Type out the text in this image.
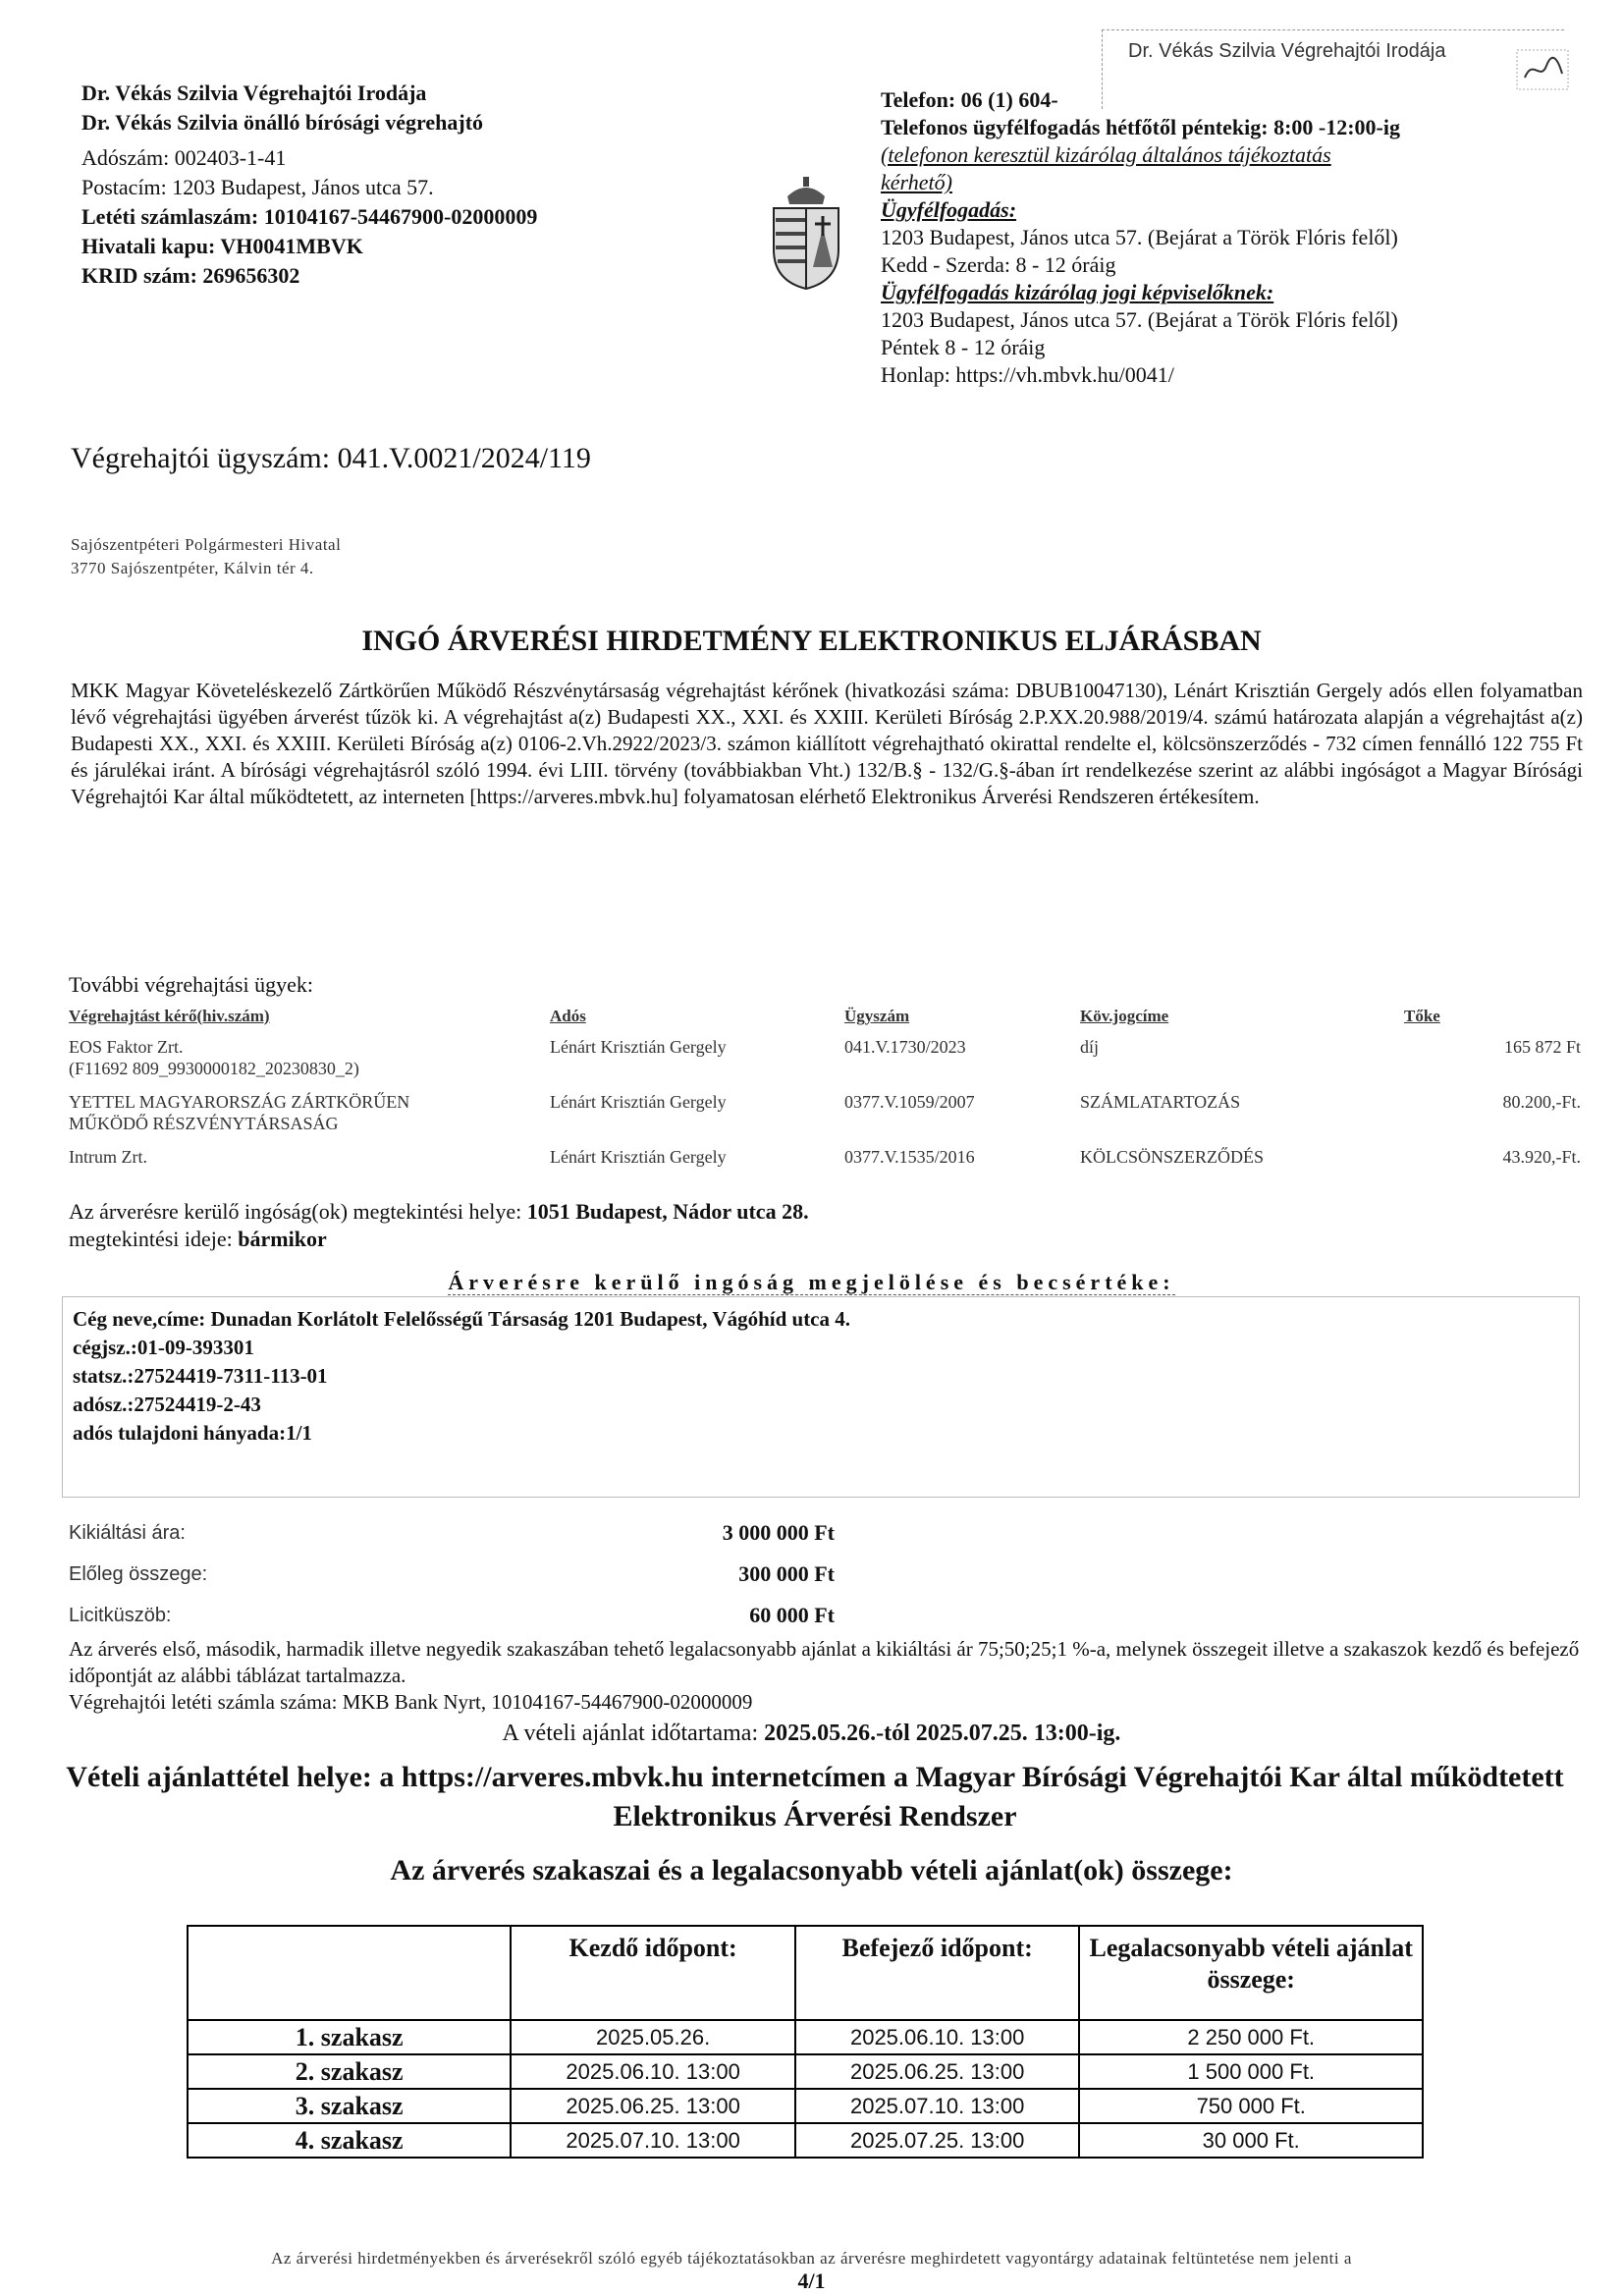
Dr. Vékás Szilvia Végrehajtói Irodája
Dr. Vékás Szilvia Végrehajtói Irodája
Dr. Vékás Szilvia önálló bírósági végrehajtó
Adószám: 002403-1-41
Postacím: 1203 Budapest, János utca 57.
Letéti számlaszám: 10104167-54467900-02000009
Hivatali kapu: VH0041MBVK
KRID szám: 269656302
Telefon: 06 (1) 604-
Telefonos ügyfélfogadás hétfőtől péntekig: 8:00 -12:00-ig
(telefonon keresztül kizárólag általános tájékoztatás
kérhető)
Ügyfélfogadás:
1203 Budapest, János utca 57. (Bejárat a Török Flóris felől)
Kedd - Szerda: 8 - 12 óráig
Ügyfélfogadás kizárólag jogi képviselőknek:
1203 Budapest, János utca 57. (Bejárat a Török Flóris felől)
Péntek 8 - 12 óráig
Honlap: https://vh.mbvk.hu/0041/
Végrehajtói ügyszám: 041.V.0021/2024/119
Sajószentpéteri Polgármesteri Hivatal
3770 Sajószentpéter, Kálvin tér 4.
INGÓ ÁRVERÉSI HIRDETMÉNY ELEKTRONIKUS ELJÁRÁSBAN

MKK Magyar Követeléskezelő Zártkörűen Működő Részvénytársaság végrehajtást kérőnek (hivatkozási száma: DBUB10047130), Lénárt Krisztián Gergely adós ellen folyamatban lévő végrehajtási ügyében árverést tűzök ki. A végrehajtást a(z) Budapesti XX., XXI. és XXIII. Kerületi Bíróság 2.P.XX.20.988/2019/4. számú határozata alapján a végrehajtást a(z) Budapesti XX., XXI. és XXIII. Kerületi Bíróság a(z) 0106-2.Vh.2922/2023/3. számon kiállított végrehajtható okirattal rendelte el, kölcsönszerződés - 732 címen fennálló 122 755 Ft és járulékai iránt. A bírósági végrehajtásról szóló 1994. évi LIII. törvény (továbbiakban Vht.) 132/B.§ - 132/G.§-ában írt rendelkezése szerint az alábbi ingóságot a Magyar Bírósági Végrehajtói Kar által működtetett, az interneten [https://arveres.mbvk.hu] folyamatosan elérhető Elektronikus Árverési Rendszeren értékesítem.

További végrehajtási ügyek:
Végrehajtást kérő(hiv.szám)	Adós	Ügyszám	Köv.jogcíme	Tőke

EOS Faktor Zrt.
(F11692 809_9930000182_20230830_2)	Lénárt Krisztián Gergely	041.V.1730/2023	díj	165 872 Ft

YETTEL MAGYARORSZÁG ZÁRTKÖRŰEN
MŰKÖDŐ RÉSZVÉNYTÁRSASÁG	Lénárt Krisztián Gergely	0377.V.1059/2007	SZÁMLATARTOZÁS	80.200,-Ft.

Intrum Zrt.	Lénárt Krisztián Gergely	0377.V.1535/2016	KÖLCSÖNSZERZŐDÉS	43.920,-Ft.
Az árverésre kerülő ingóság(ok) megtekintési helye: 1051 Budapest, Nádor utca 28.
megtekintési ideje: bármikor
Árverésre kerülő ingóság megjelölése és becsértéke:
Cég neve,címe: Dunadan Korlátolt Felelősségű Társaság 1201 Budapest, Vágóhíd utca 4.
cégjsz.:01-09-393301
statsz.:27524419-7311-113-01
adósz.:27524419-2-43
adós tulajdoni hányada:1/1
Kikiáltási ára:	3 000 000 Ft
Előleg összege:	300 000 Ft
Licitküszöb:	60 000 Ft

Az árverés első, második, harmadik illetve negyedik szakaszában tehető legalacsonyabb ajánlat a kikiáltási ár 75;50;25;1 %-a, melynek összegeit illetve a szakaszok kezdő és befejező időpontját az alábbi táblázat tartalmazza.

Végrehajtói letéti számla száma: MKB Bank Nyrt, 10104167-54467900-02000009

A vételi ajánlat időtartama: 2025.05.26.-tól 2025.07.25. 13:00-ig.
Vételi ajánlattétel helye: a https://arveres.mbvk.hu internetcímen a Magyar Bírósági Végrehajtói Kar által működtetett Elektronikus Árverési Rendszer
Az árverés szakaszai és a legalacsonyabb vételi ajánlat(ok) összege:
	Kezdő időpont:	Befejező időpont:	Legalacsonyabb vételi ajánlat összege:
1. szakasz	2025.05.26.	2025.06.10. 13:00	2 250 000 Ft.
2. szakasz	2025.06.10. 13:00	2025.06.25. 13:00	1 500 000 Ft.
3. szakasz	2025.06.25. 13:00	2025.07.10. 13:00	750 000 Ft.
4. szakasz	2025.07.10. 13:00	2025.07.25. 13:00	30 000 Ft.
Az árverési hirdetményekben és árverésekről szóló egyéb tájékoztatásokban az árverésre meghirdetett vagyontárgy adatainak feltüntetése nem jelenti a
4/1
